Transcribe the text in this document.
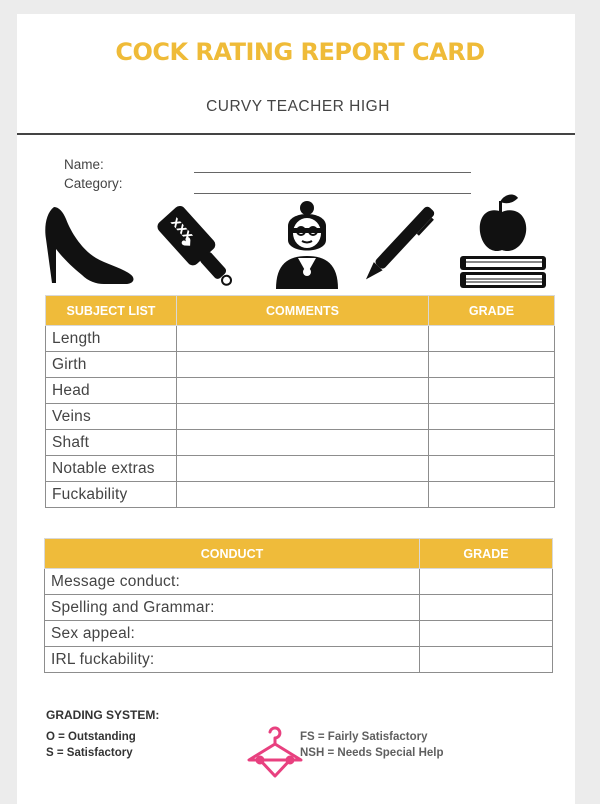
COCK RATING REPORT CARD
CURVY TEACHER HIGH
Name:
Category:
XXX
SUBJECT LIST	COMMENTS	GRADE
Length		
Girth		
Head		
Veins		
Shaft		
Notable extras		
Fuckability		
CONDUCT	GRADE
Message conduct:	
Spelling and Grammar:	
Sex appeal:	
IRL fuckability:	
GRADING SYSTEM:
O = Outstanding
S = Satisfactory
FS = Fairly Satisfactory
NSH = Needs Special Help
